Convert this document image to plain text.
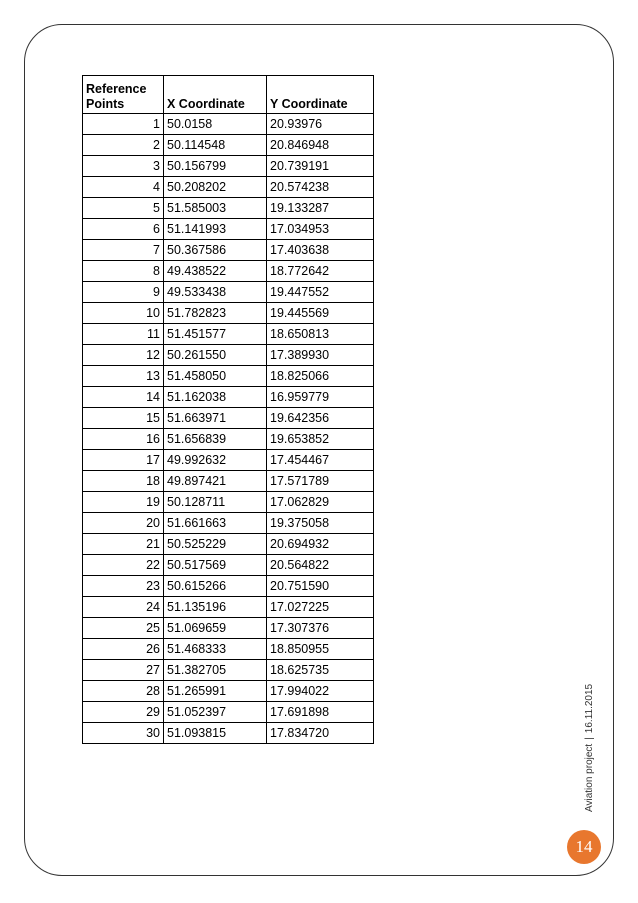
Reference
Points	X Coordinate	Y Coordinate
1	50.0158	20.93976
2	50.114548	20.846948
3	50.156799	20.739191
4	50.208202	20.574238
5	51.585003	19.133287
6	51.141993	17.034953
7	50.367586	17.403638
8	49.438522	18.772642
9	49.533438	19.447552
10	51.782823	19.445569
11	51.451577	18.650813
12	50.261550	17.389930
13	51.458050	18.825066
14	51.162038	16.959779
15	51.663971	19.642356
16	51.656839	19.653852
17	49.992632	17.454467
18	49.897421	17.571789
19	50.128711	17.062829
20	51.661663	19.375058
21	50.525229	20.694932
22	50.517569	20.564822
23	50.615266	20.751590
24	51.135196	17.027225
25	51.069659	17.307376
26	51.468333	18.850955
27	51.382705	18.625735
28	51.265991	17.994022
29	51.052397	17.691898
30	51.093815	17.834720
Aviation project|16.11.2015
14
